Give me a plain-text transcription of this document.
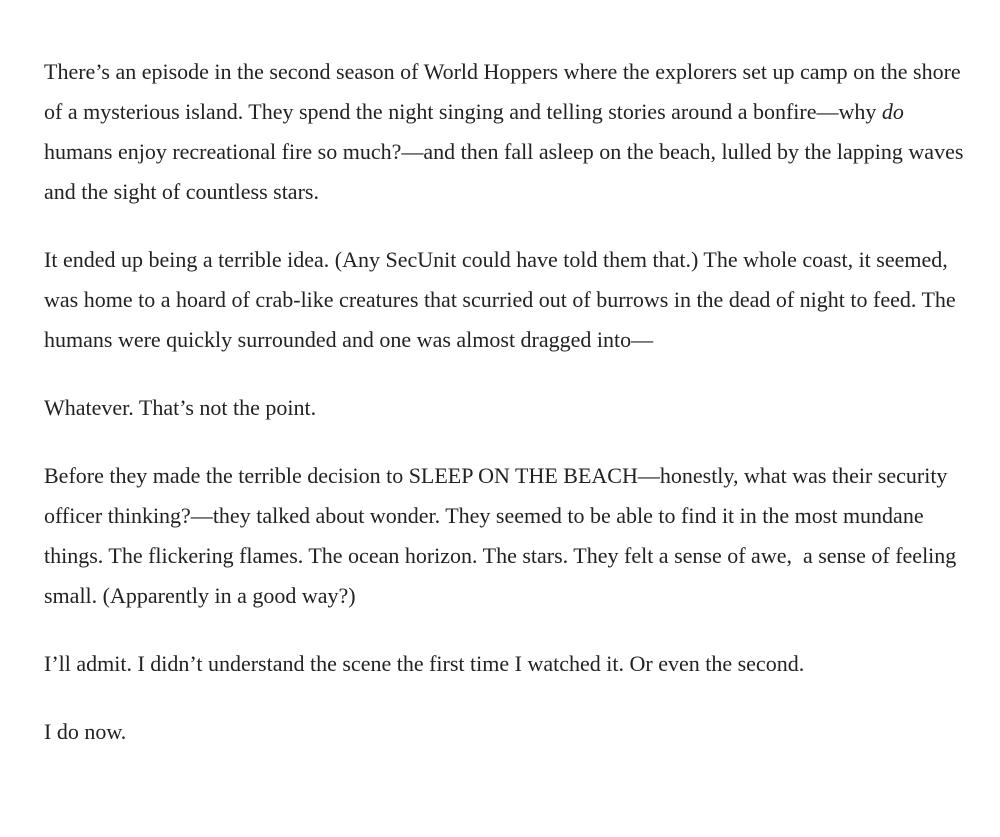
There’s an episode in the second season of World Hoppers where the explorers set up camp on the shore of a mysterious island. They spend the night singing and telling stories around a bonfire—why do humans enjoy recreational fire so much?—and then fall asleep on the beach, lulled by the lapping waves and the sight of countless stars.

It ended up being a terrible idea. (Any SecUnit could have told them that.) The whole coast, it seemed, was home to a hoard of crab-like creatures that scurried out of burrows in the dead of night to feed. The humans were quickly surrounded and one was almost dragged into—

Whatever. That’s not the point.

Before they made the terrible decision to SLEEP ON THE BEACH—honestly, what was their security officer thinking?—they talked about wonder. They seemed to be able to find it in the most mundane things. The flickering flames. The ocean horizon. The stars. They felt a sense of awe,  a sense of feeling small. (Apparently in a good way?)

I’ll admit. I didn’t understand the scene the first time I watched it. Or even the second.

I do now.
